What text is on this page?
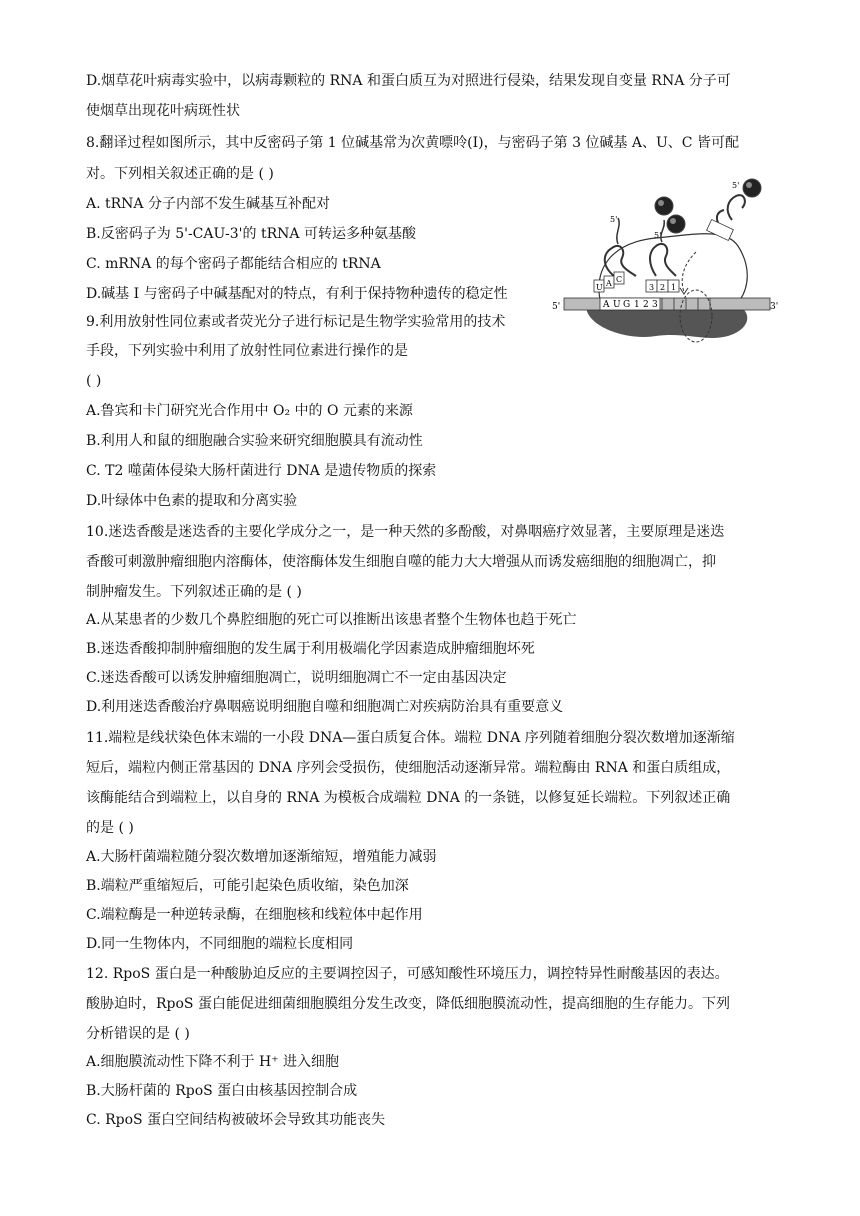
D.烟草花叶病毒实验中，以病毒颗粒的 RNA 和蛋白质互为对照进行侵染，结果发现自变量 RNA 分子可
使烟草出现花叶病斑性状
8.翻译过程如图所示，其中反密码子第 1 位碱基常为次黄嘌呤(I)，与密码子第 3 位碱基 A、U、C 皆可配
对。下列相关叙述正确的是 ( )
A. tRNA 分子内部不发生碱基互补配对
B.反密码子为 5'-CAU-3'的 tRNA 可转运多种氨基酸
C. mRNA 的每个密码子都能结合相应的 tRNA
D.碱基 I 与密码子中碱基配对的特点，有利于保持物种遗传的稳定性
9.利用放射性同位素或者荧光分子进行标记是生物学实验常用的技术
手段，下列实验中利用了放射性同位素进行操作的是
( )
A.鲁宾和卡门研究光合作用中 O₂ 中的 O 元素的来源
B.利用人和鼠的细胞融合实验来研究细胞膜具有流动性
C. T2 噬菌体侵染大肠杆菌进行 DNA 是遗传物质的探索
D.叶绿体中色素的提取和分离实验
10.迷迭香酸是迷迭香的主要化学成分之一，是一种天然的多酚酸，对鼻咽癌疗效显著，主要原理是迷迭
香酸可刺激肿瘤细胞内溶酶体，使溶酶体发生细胞自噬的能力大大增强从而诱发癌细胞的细胞凋亡，抑
制肿瘤发生。下列叙述正确的是 ( )
A.从某患者的少数几个鼻腔细胞的死亡可以推断出该患者整个生物体也趋于死亡
B.迷迭香酸抑制肿瘤细胞的发生属于利用极端化学因素造成肿瘤细胞坏死
C.迷迭香酸可以诱发肿瘤细胞凋亡，说明细胞凋亡不一定由基因决定
D.利用迷迭香酸治疗鼻咽癌说明细胞自噬和细胞凋亡对疾病防治具有重要意义
11.端粒是线状染色体末端的一小段 DNA—蛋白质复合体。端粒 DNA 序列随着细胞分裂次数增加逐渐缩
短后，端粒内侧正常基因的 DNA 序列会受损伤，使细胞活动逐渐异常。端粒酶由 RNA 和蛋白质组成，
该酶能结合到端粒上，以自身的 RNA 为模板合成端粒 DNA 的一条链，以修复延长端粒。下列叙述正确
的是 ( )
A.大肠杆菌端粒随分裂次数增加逐渐缩短，增殖能力减弱
B.端粒严重缩短后，可能引起染色质收缩，染色加深
C.端粒酶是一种逆转录酶，在细胞核和线粒体中起作用
D.同一生物体内，不同细胞的端粒长度相同
12. RpoS 蛋白是一种酸胁迫反应的主要调控因子，可感知酸性环境压力，调控特异性耐酸基因的表达。
酸胁迫时，RpoS 蛋白能促进细菌细胞膜组分发生改变，降低细胞膜流动性，提高细胞的生存能力。下列
分析错误的是 ( )
A.细胞膜流动性下降不利于 H⁺ 进入细胞
B.大肠杆菌的 RpoS 蛋白由核基因控制合成
C. RpoS 蛋白空间结构被破坏会导致其功能丧失
5'	3'
A U G 1 2 3
5'
U A C
5'
3 2 1
5'
